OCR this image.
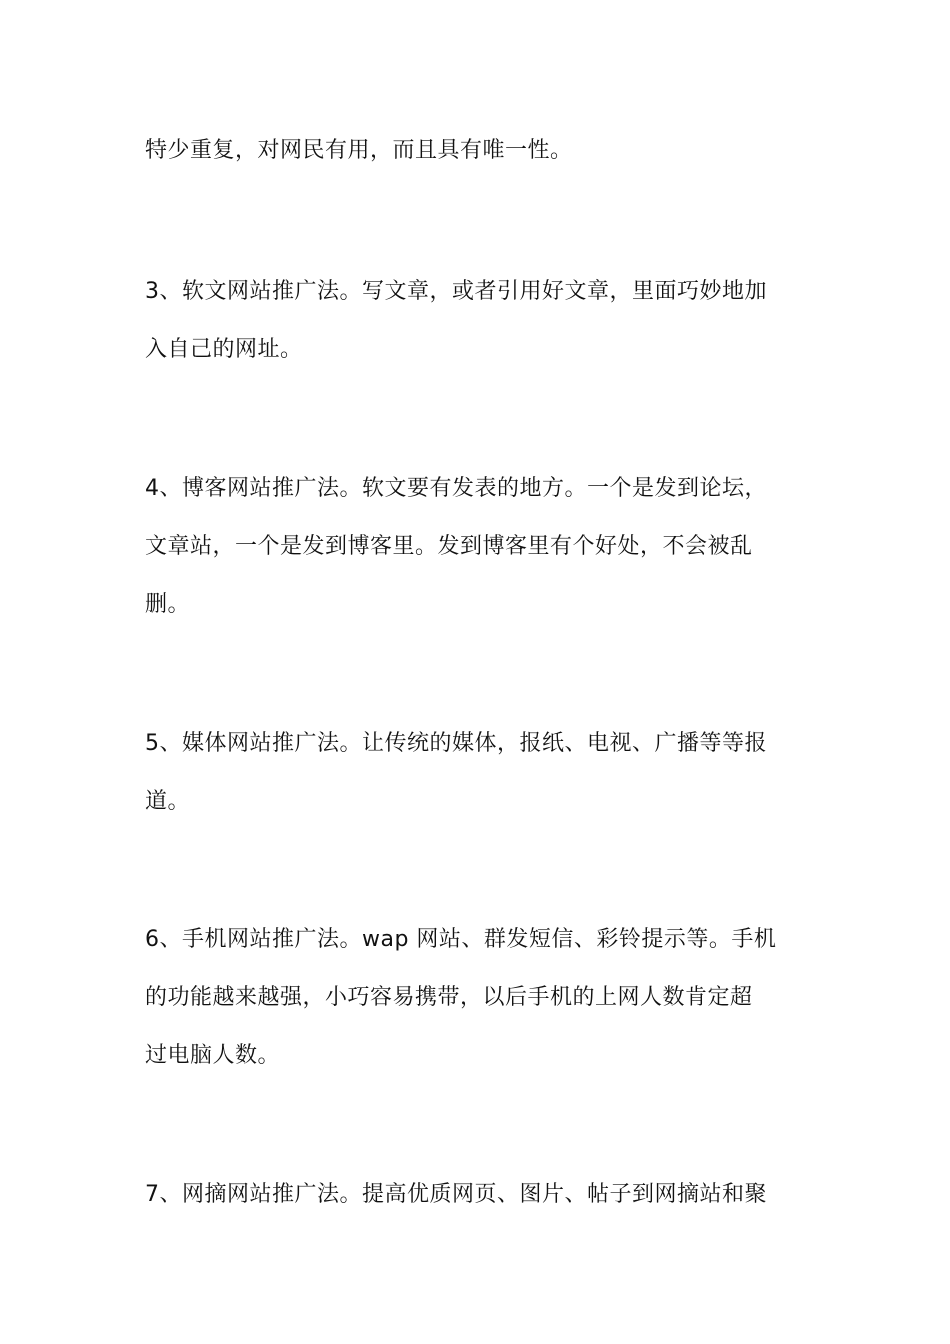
特少重复，对网民有用，而且具有唯一性。
3、软文网站推广法。写文章，或者引用好文章，里面巧妙地加
入自己的网址。
4、博客网站推广法。软文要有发表的地方。一个是发到论坛，
文章站，一个是发到博客里。发到博客里有个好处，不会被乱
删。
5、媒体网站推广法。让传统的媒体，报纸、电视、广播等等报
道。
6、手机网站推广法。wap 网站、群发短信、彩铃提示等。手机
的功能越来越强，小巧容易携带，以后手机的上网人数肯定超
过电脑人数。
7、网摘网站推广法。提高优质网页、图片、帖子到网摘站和聚
